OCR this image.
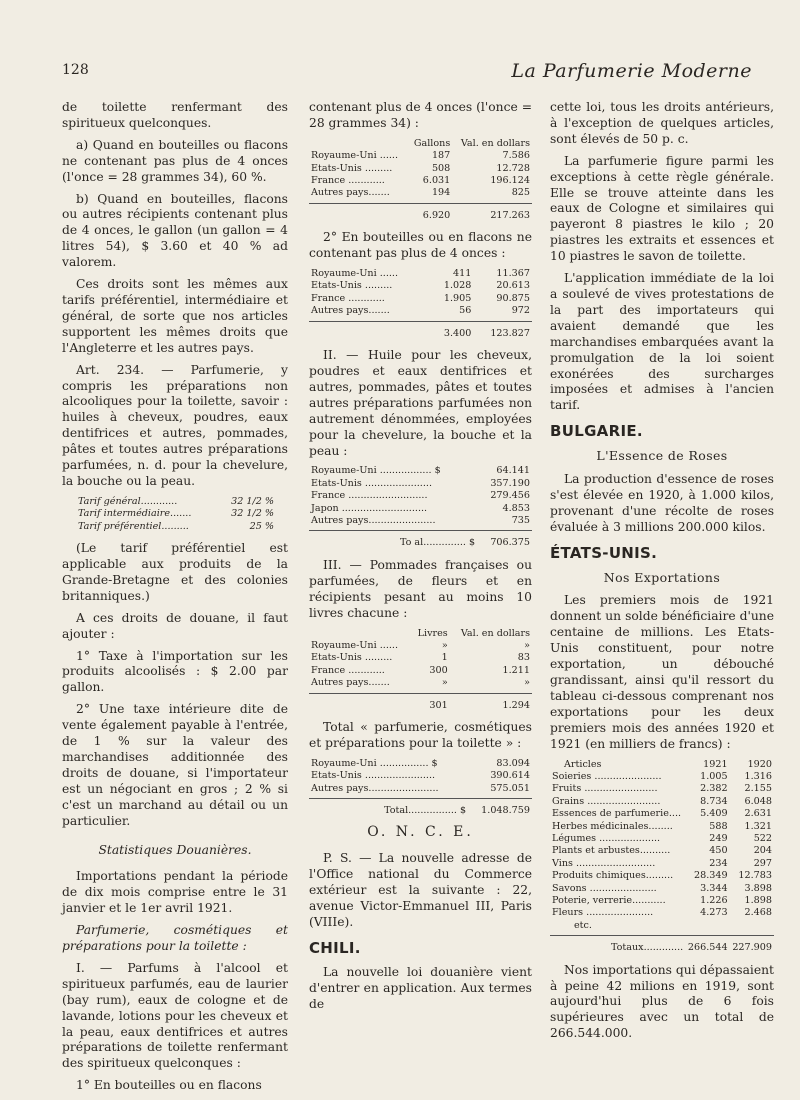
128	La Parfumerie Moderne

de toilette renfermant des spiritueux quelconques.

a) Quand en bouteilles ou flacons ne contenant pas plus de 4 onces (l'once = 28 grammes 34), 60 %.

b) Quand en bouteilles, flacons ou autres récipients contenant plus de 4 onces, le gallon (un gallon = 4 litres 54), $ 3.60 et 40 % ad valorem.

Ces droits sont les mêmes aux tarifs préférentiel, intermédiaire et général, de sorte que nos articles supportent les mêmes droits que l'Angleterre et les autres pays.

Art. 234. — Parfumerie, y compris les préparations non alcooliques pour la toilette, savoir : huiles à cheveux, poudres, eaux dentifrices et autres, pommades, pâtes et toutes autres préparations parfumées, n. d. pour la chevelure, la bouche ou la peau.

Tarif général............	32 1/2 %
Tarif intermédiaire.......	32 1/2 %
Tarif préférentiel.........	25 %

(Le tarif préférentiel est applicable aux produits de la Grande-Bretagne et des colonies britanniques.)

A ces droits de douane, il faut ajouter :

1° Taxe à l'importation sur les produits alcoolisés : $ 2.00 par gallon.

2° Une taxe intérieure dite de vente également payable à l'entrée, de 1 % sur la valeur des marchandises additionnée des droits de douane, si l'importateur est un négociant en gros ; 2 % si c'est un marchand au détail ou un particulier.

Statistiques Douanières.

Importations pendant la période de dix mois comprise entre le 31 janvier et le 1er avril 1921.

Parfumerie, cosmétiques et préparations pour la toilette :

I. — Parfums à l'alcool et spiritueux parfumés, eau de laurier (bay rum), eaux de cologne et de lavande, lotions pour les cheveux et la peau, eaux dentifrices et autres préparations de toilette renfermant des spiritueux quelconques :

1° En bouteilles ou en flacons

contenant plus de 4 onces (l'once = 28 grammes 34) :

	Gallons	Val. en dollars
Royaume-Uni ......	187	7.586
Etats-Unis .........	508	12.728
France ............	6.031	196.124
Autres pays.......	194	825

	6.920	217.263

2° En bouteilles ou en flacons ne contenant pas plus de 4 onces :

Royaume-Uni ......	411	11.367
Etats-Unis .........	1.028	20.613
France ............	1.905	90.875
Autres pays.......	56	972

	3.400	123.827

II. — Huile pour les cheveux, poudres et eaux dentifrices et autres, pommades, pâtes et toutes autres préparations parfumées non autrement dénommées, employées pour la chevelure, la bouche et la peau :

Royaume-Uni ................. $	64.141
Etats-Unis ......................	357.190
France ..........................	279.456
Japon ............................	4.853
Autres pays......................	735

To al.............. $	706.375

III. — Pommades françaises ou parfumées, de fleurs et en récipients pesant au moins 10 livres chacune :

	Livres	Val. en dollars
Royaume-Uni ......	»	»
Etats-Unis .........	1	83
France ............	300	1.211
Autres pays.......	»	»

	301	1.294

Total « parfumerie, cosmétiques et préparations pour la toilette » :

Royaume-Uni ................ $	83.094
Etats-Unis .......................	390.614
Autres pays.......................	575.051

Total................ $	1.048.759

O. N. C. E.

P. S. — La nouvelle adresse de l'Office national du Commerce extérieur est la suivante : 22, avenue Victor-Emmanuel III, Paris (VIIIe).

CHILI.

La nouvelle loi douanière vient d'entrer en application. Aux termes de

cette loi, tous les droits antérieurs, à l'exception de quelques articles, sont élevés de 50 p. c.

La parfumerie figure parmi les exceptions à cette règle générale. Elle se trouve atteinte dans les eaux de Cologne et similaires qui payeront 8 piastres le kilo ; 20 piastres les extraits et essences et 10 piastres le savon de toilette.

L'application immédiate de la loi a soulevé de vives protestations de la part des importateurs qui avaient demandé que les marchandises embarquées avant la promulgation de la loi soient exonérées des surcharges imposées et admises à l'ancien tarif.

BULGARIE.
L'Essence de Roses

La production d'essence de roses s'est élevée en 1920, à 1.000 kilos, provenant d'une récolte de roses évaluée à 3 millions 200.000 kilos.

ÉTATS-UNIS.
Nos Exportations

Les premiers mois de 1921 donnent un solde bénéficiaire d'une centaine de millions. Les Etats-Unis constituent, pour notre exportation, un débouché grandissant, ainsi qu'il ressort du tableau ci-dessous comprenant nos exportations pour les deux premiers mois des années 1920 et 1921 (en milliers de francs) :

Articles	1921	1920
Soieries ......................	1.005	1.316
Fruits ........................	2.382	2.155
Grains ........................	8.734	6.048
Essences de parfumerie....	5.409	2.631
Herbes médicinales........	588	1.321
Légumes ....................	249	522
Plants et arbustes..........	450	204
Vins ..........................	234	297
Produits chimiques.........	28.349	12.783
Savons ......................	3.344	3.898
Poterie, verrerie...........	1.226	1.898
Fleurs ......................	4.273	2.468
etc.		

Totaux.............	266.544	227.909

Nos importations qui dépassaient à peine 42 milions en 1919, sont aujourd'hui plus de 6 fois supérieures avec un total de 266.544.000.
